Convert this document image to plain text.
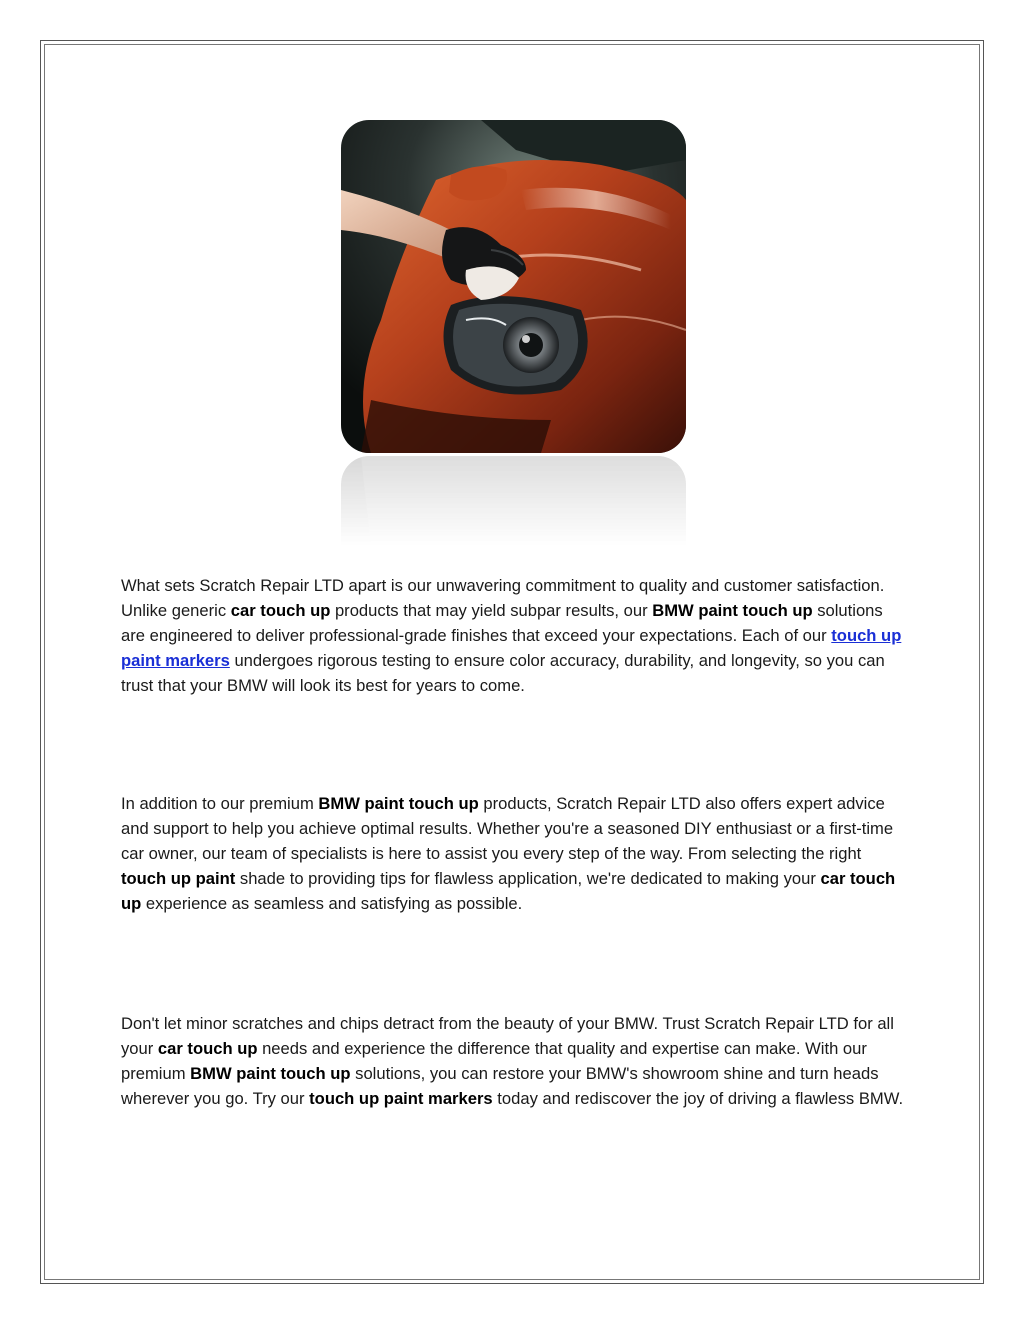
What sets Scratch Repair LTD apart is our unwavering commitment to quality and customer satisfaction. Unlike generic car touch up products that may yield subpar results, our BMW paint touch up solutions are engineered to deliver professional-grade finishes that exceed your expectations. Each of our touch up paint markers undergoes rigorous testing to ensure color accuracy, durability, and longevity, so you can trust that your BMW will look its best for years to come.

In addition to our premium BMW paint touch up products, Scratch Repair LTD also offers expert advice and support to help you achieve optimal results. Whether you're a seasoned DIY enthusiast or a first-time car owner, our team of specialists is here to assist you every step of the way. From selecting the right touch up paint shade to providing tips for flawless application, we're dedicated to making your car touch up experience as seamless and satisfying as possible.

Don't let minor scratches and chips detract from the beauty of your BMW. Trust Scratch Repair LTD for all your car touch up needs and experience the difference that quality and expertise can make. With our premium BMW paint touch up solutions, you can restore your BMW's showroom shine and turn heads wherever you go. Try our touch up paint markers today and rediscover the joy of driving a flawless BMW.
